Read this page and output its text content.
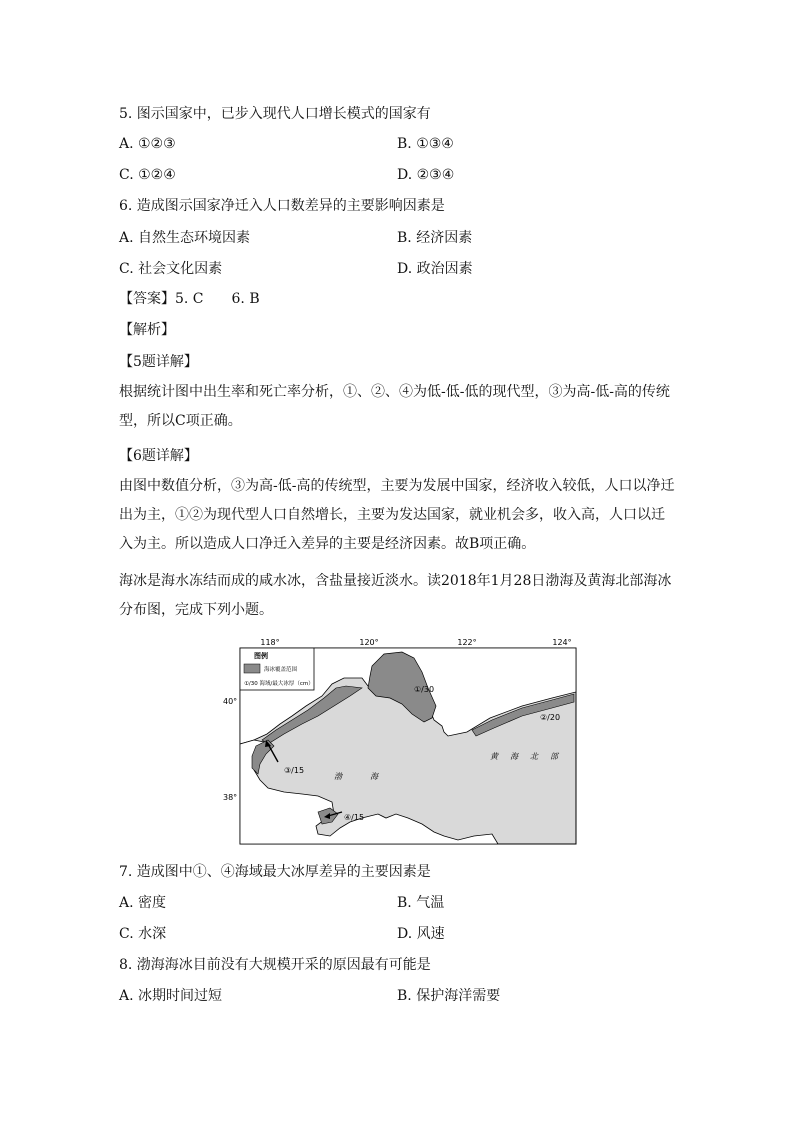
5. 图示国家中，已步入现代人口增长模式的国家有
A. ①②③	B. ①③④
C. ①②④	D. ②③④
6. 造成图示国家净迁入人口数差异的主要影响因素是
A. 自然生态环境因素	B. 经济因素
C. 社会文化因素	D. 政治因素
【答案】5. C　　6. B
【解析】
【5题详解】
根据统计图中出生率和死亡率分析，①、②、④为低-低-低的现代型，③为高-低-高的传统型，所以C项正确。
【6题详解】
由图中数值分析，③为高-低-高的传统型，主要为发展中国家，经济收入较低，人口以净迁出为主，①②为现代型人口自然增长，主要为发达国家，就业机会多，收入高，人口以迁入为主。所以造成人口净迁入差异的主要是经济因素。故B项正确。
海冰是海水冻结而成的咸水冰，含盐量接近淡水。读2018年1月28日渤海及黄海北部海冰分布图，完成下列小题。
118°	120°	122°	124°
40°
38°
图例
海冰覆盖范围
①/30 海域/最大冰厚（cm）
①/30
②/20
③/15
④/15
渤	海
黄 海 北 部
7. 造成图中①、④海域最大冰厚差异的主要因素是
A. 密度	B. 气温
C. 水深	D. 风速
8. 渤海海冰目前没有大规模开采的原因最有可能是
A. 冰期时间过短	B. 保护海洋需要
